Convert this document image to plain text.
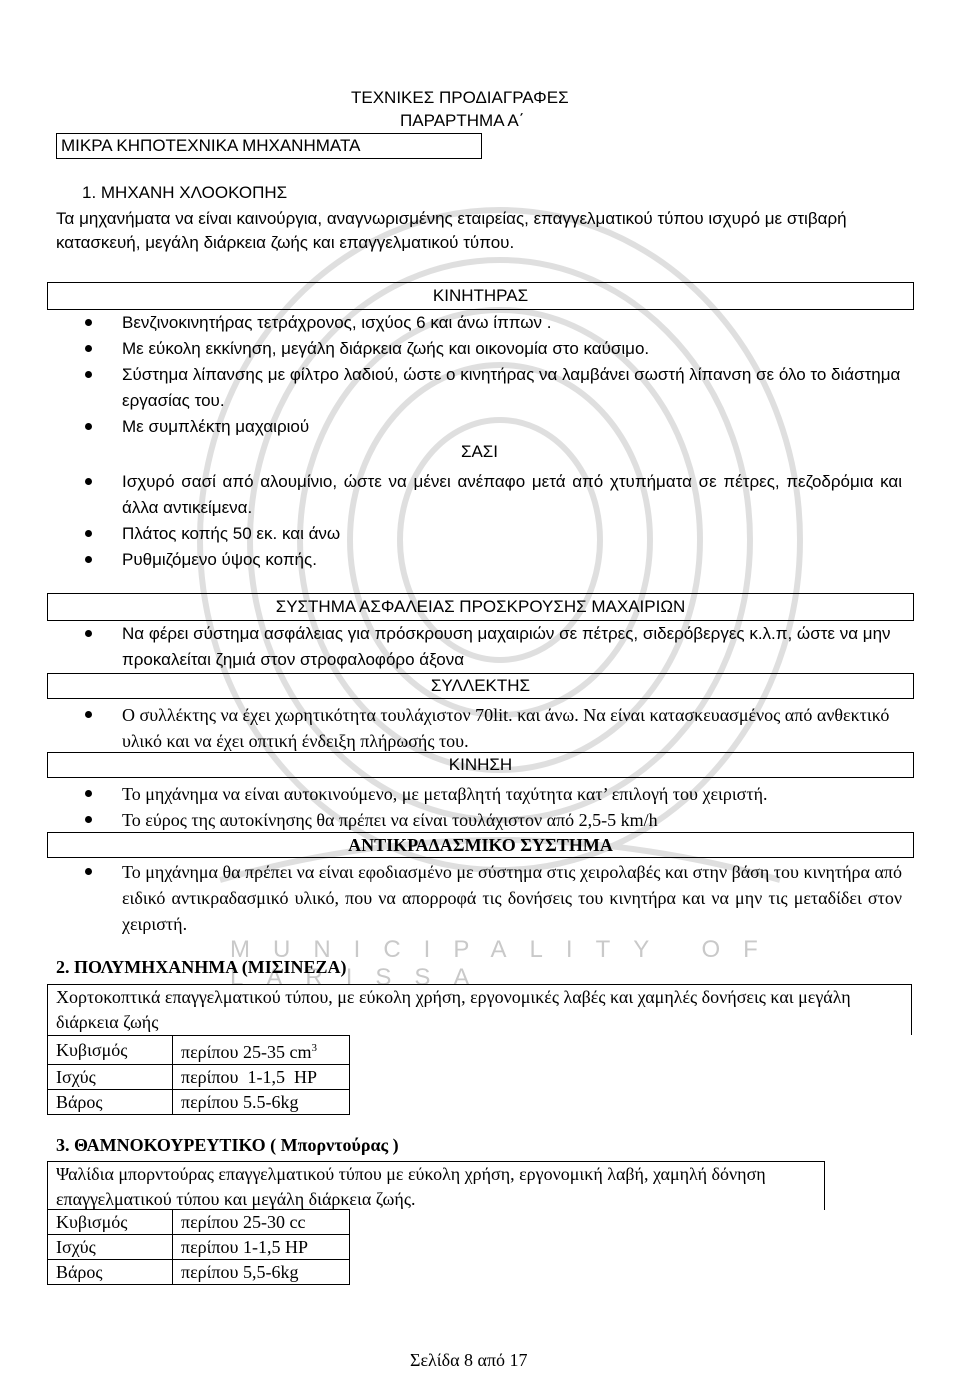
MUNICIPALITY OF LARISSA
ΤΕΧΝΙΚΕΣ ΠΡΟΔΙΑΓΡΑΦΕΣ
ΠΑΡΑΡΤΗΜΑ Α΄
ΜΙΚΡΑ ΚΗΠΟΤΕΧΝΙΚΑ ΜΗΧΑΝΗΜΑΤΑ
1. ΜΗΧΑΝΗ ΧΛΟΟΚΟΠΗΣ
Τα μηχανήματα να είναι καινούργια, αναγνωρισμένης εταιρείας, επαγγελματικού τύπου ισχυρό με στιβαρή κατασκευή, μεγάλη διάρκεια ζωής και επαγγελματικού τύπου.
ΚΙΝΗΤΗΡΑΣ
Βενζινοκινητήρας τετράχρονος, ισχύος 6 και άνω ίππων .
Με εύκολη εκκίνηση, μεγάλη διάρκεια ζωής και οικονομία στο καύσιμο.
Σύστημα λίπανσης με φίλτρο λαδιού, ώστε ο κινητήρας να λαμβάνει σωστή λίπανση σε όλο το διάστημα εργασίας του.
Με συμπλέκτη μαχαιριού
ΣΑΣΙ
Ισχυρό σασί από αλουμίνιο, ώστε να μένει ανέπαφο μετά από χτυπήματα σε πέτρες, πεζοδρόμια και άλλα αντικείμενα.
Πλάτος κοπής 50 εκ. και άνω
Ρυθμιζόμενο ύψος κοπής.
ΣΥΣΤΗΜΑ ΑΣΦΑΛΕΙΑΣ ΠΡΟΣΚΡΟΥΣΗΣ ΜΑΧΑΙΡΙΩΝ
Να φέρει σύστημα ασφάλειας για πρόσκρουση μαχαιριών σε πέτρες, σιδερόβεργες κ.λ.π, ώστε να μην προκαλείται ζημιά στον στροφαλοφόρο άξονα
ΣΥΛΛΕΚΤΗΣ
Ο συλλέκτης να έχει χωρητικότητα τουλάχιστον 70lit. και άνω. Να είναι κατασκευασμένος από ανθεκτικό υλικό και να έχει οπτική ένδειξη πλήρωσής του.
ΚΙΝΗΣΗ
Το μηχάνημα να είναι αυτοκινούμενο, με μεταβλητή ταχύτητα κατ’ επιλογή του χειριστή.
Το εύρος της αυτοκίνησης θα πρέπει να είναι τουλάχιστον από 2,5-5 km/h
ΑΝΤΙΚΡΑΔΑΣΜΙΚΟ ΣΥΣΤΗΜΑ
Το μηχάνημα θα πρέπει να είναι εφοδιασμένο με σύστημα στις χειρολαβές και στην βάση του κινητήρα από ειδικό αντικραδασμικό υλικό, που να απορροφά τις δονήσεις του κινητήρα και να μην τις μεταδίδει στον χειριστή.
2. ΠΟΛΥΜΗΧΑΝΗΜΑ (ΜΙΣΙΝΕΖΑ)
Χορτοκοπτικά επαγγελματικού τύπου, με εύκολη χρήση, εργονομικές λαβές και χαμηλές δονήσεις και μεγάλη διάρκεια ζωής
Κυβισμός	περίπου 25-35 $cm^3$
Ισχύς	περίπου  1-1,5  HP
Βάρος	περίπου 5.5-6kg
3. ΘΑΜΝΟΚΟΥΡΕΥΤΙΚΟ ( Μπορντούρας )
Ψαλίδια μπορντούρας επαγγελματικού τύπου με εύκολη χρήση, εργονομική λαβή, χαμηλή δόνηση επαγγελματικού τύπου και μεγάλη διάρκεια ζωής.
Κυβισμός	περίπου 25-30 cc
Ισχύς	περίπου 1-1,5 HP
Βάρος	περίπου 5,5-6kg
Σελίδα 8 από 17
